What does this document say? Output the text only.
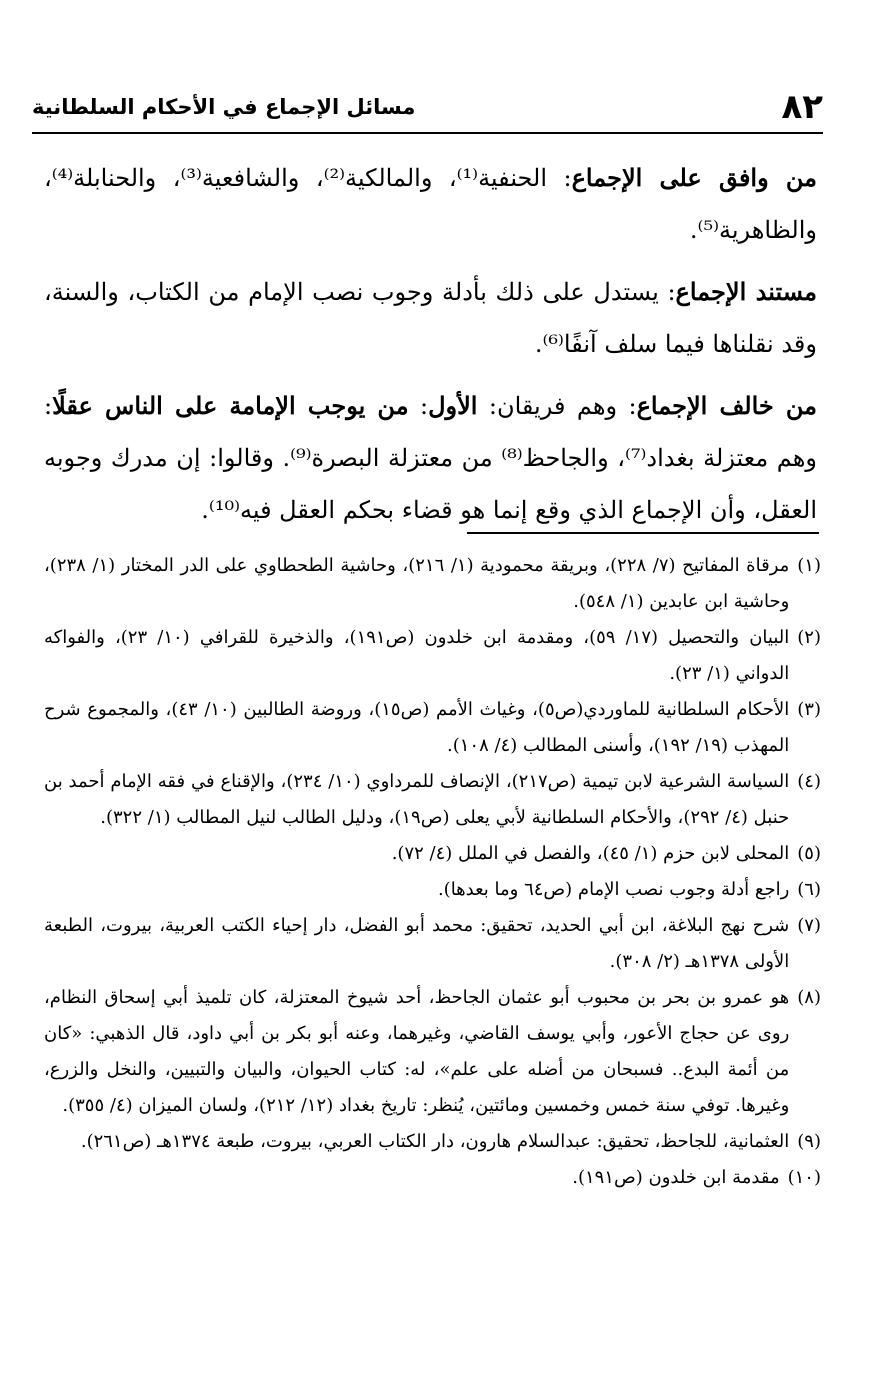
٨٢
مسائل الإجماع في الأحكام السلطانية

من وافق على الإجماع: الحنفية⁽¹⁾، والمالكية⁽²⁾، والشافعية⁽³⁾، والحنابلة⁽⁴⁾، والظاهرية⁽⁵⁾.

مستند الإجماع: يستدل على ذلك بأدلة وجوب نصب الإمام من الكتاب، والسنة، وقد نقلناها فيما سلف آنفًا⁽⁶⁾.

من خالف الإجماع: وهم فريقان: الأول: من يوجب الإمامة على الناس عقلًا: وهم معتزلة بغداد⁽⁷⁾، والجاحظ⁽⁸⁾ من معتزلة البصرة⁽⁹⁾. وقالوا: إن مدرك وجوبه العقل، وأن الإجماع الذي وقع إنما هو قضاء بحكم العقل فيه⁽¹⁰⁾.

(١)
مرقاة المفاتيح (٧/ ٢٢٨)، وبريقة محمودية (١/ ٢١٦)، وحاشية الطحطاوي على الدر المختار (١/ ٢٣٨)، وحاشية ابن عابدين (١/ ٥٤٨).
(٢)
البيان والتحصيل (١٧/ ٥٩)، ومقدمة ابن خلدون (ص١٩١)، والذخيرة للقرافي (١٠/ ٢٣)، والفواكه الدواني (١/ ٢٣).
(٣)
الأحكام السلطانية للماوردي(ص٥)، وغياث الأمم (ص١٥)، وروضة الطالبين (١٠/ ٤٣)، والمجموع شرح المهذب (١٩/ ١٩٢)، وأسنى المطالب (٤/ ١٠٨).
(٤)
السياسة الشرعية لابن تيمية (ص٢١٧)، الإنصاف للمرداوي (١٠/ ٢٣٤)، والإقناع في فقه الإمام أحمد بن حنبل (٤/ ٢٩٢)، والأحكام السلطانية لأبي يعلى (ص١٩)، ودليل الطالب لنيل المطالب (١/ ٣٢٢).
(٥)
المحلى لابن حزم (١/ ٤٥)، والفصل في الملل (٤/ ٧٢).
(٦)
راجع أدلة وجوب نصب الإمام (ص٦٤ وما بعدها).
(٧)
شرح نهج البلاغة، ابن أبي الحديد، تحقيق: محمد أبو الفضل، دار إحياء الكتب العربية، بيروت، الطبعة الأولى ١٣٧٨هـ (٢/ ٣٠٨).
(٨)
هو عمرو بن بحر بن محبوب أبو عثمان الجاحظ، أحد شيوخ المعتزلة، كان تلميذ أبي إسحاق النظام، روى عن حجاج الأعور، وأبي يوسف القاضي، وغيرهما، وعنه أبو بكر بن أبي داود، قال الذهبي: «كان من أئمة البدع.. فسبحان من أضله على علم»، له: كتاب الحيوان، والبيان والتبيين، والنخل والزرع، وغيرها. توفي سنة خمس وخمسين ومائتين، يُنظر: تاريخ بغداد (١٢/ ٢١٢)، ولسان الميزان (٤/ ٣٥٥).
(٩)
العثمانية، للجاحظ، تحقيق: عبدالسلام هارون، دار الكتاب العربي، بيروت، طبعة ١٣٧٤هـ (ص٢٦١).
(١٠)
مقدمة ابن خلدون (ص١٩١).
